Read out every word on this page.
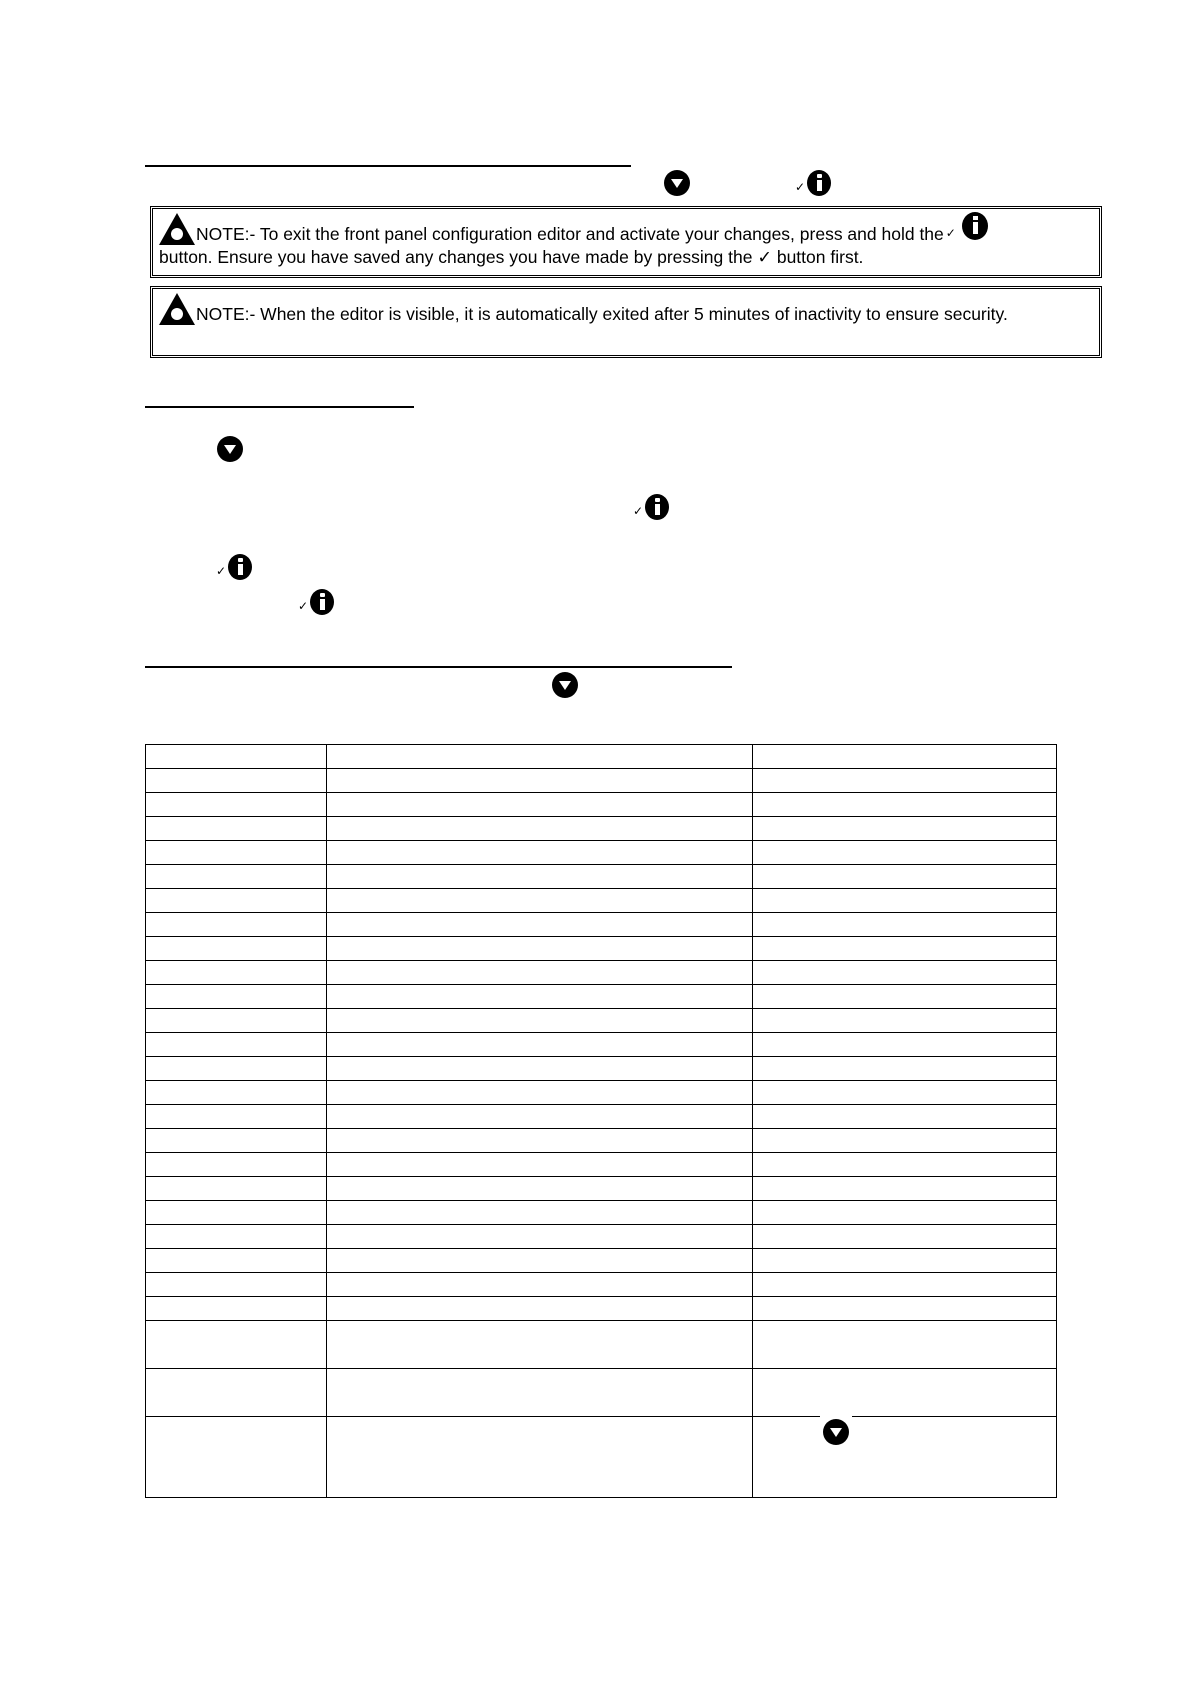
✓
NOTE:- To exit the front panel configuration editor and activate your changes, press and hold the ✓

button. Ensure you have saved any changes you have made by pressing the ✓ button first.
NOTE:- When the editor is visible, it is automatically exited after 5 minutes of inactivity to ensure security.
✓
✓
✓
